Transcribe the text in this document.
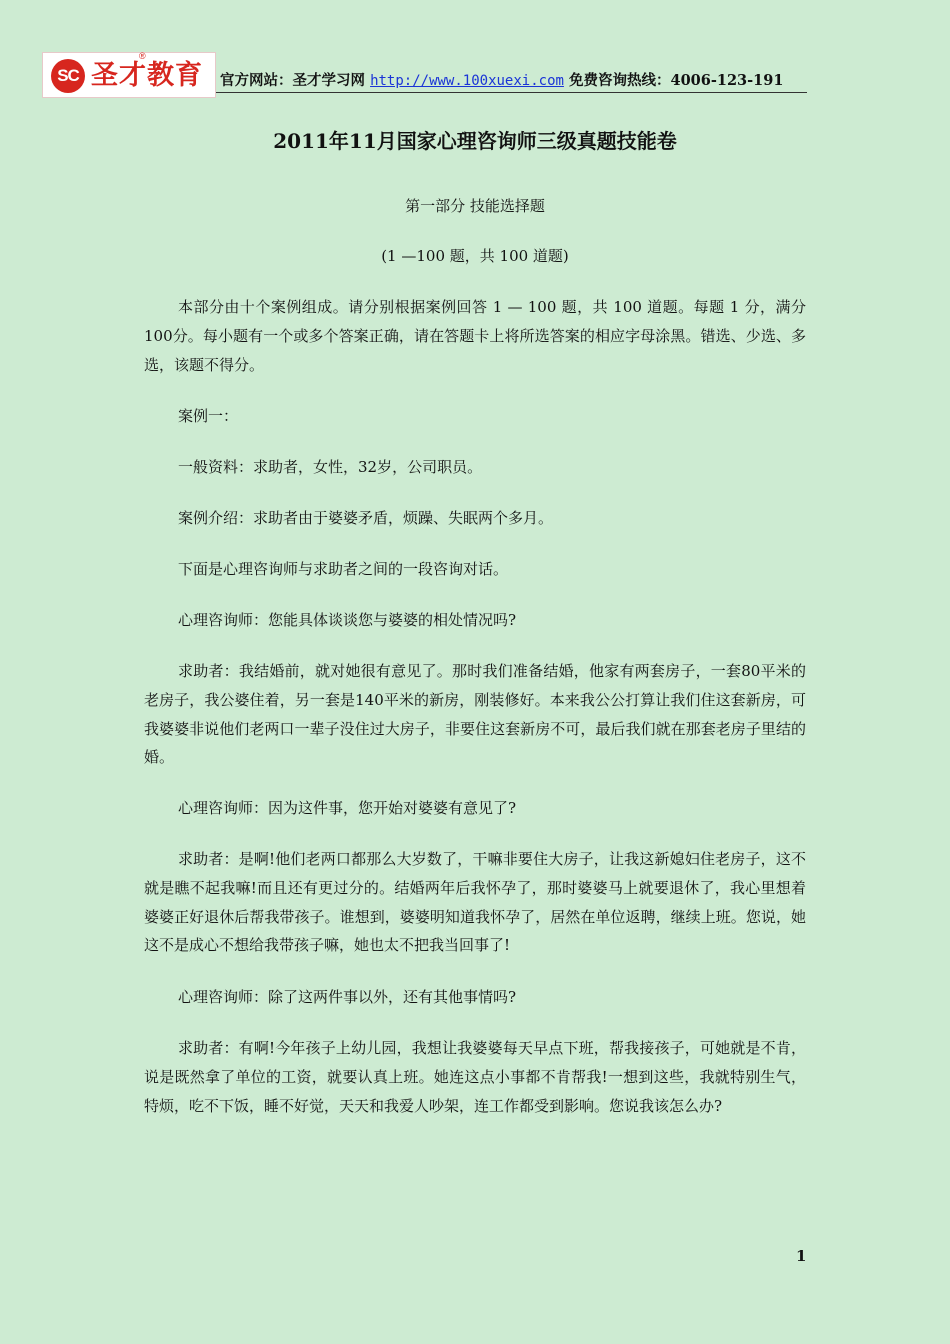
SC 圣才教育
®
官方网站：圣才学习网 http://www.100xuexi.com 免费咨询热线：4006-123-191
2011年11月国家心理咨询师三级真题技能卷
第一部分 技能选择题
(1 —100 题，共 100 道题)

本部分由十个案例组成。请分别根据案例回答 1 — 100 题，共 100 道题。每题 1 分，满分 100分。每小题有一个或多个答案正确，请在答题卡上将所选答案的相应字母涂黑。错选、少选、多选，该题不得分。

案例一：

一般资料：求助者，女性，32岁，公司职员。

案例介绍：求助者由于婆婆矛盾，烦躁、失眠两个多月。

下面是心理咨询师与求助者之间的一段咨询对话。

心理咨询师：您能具体谈谈您与婆婆的相处情况吗?

求助者：我结婚前，就对她很有意见了。那时我们准备结婚，他家有两套房子，一套80平米的老房子，我公婆住着，另一套是140平米的新房，刚装修好。本来我公公打算让我们住这套新房，可我婆婆非说他们老两口一辈子没住过大房子，非要住这套新房不可，最后我们就在那套老房子里结的婚。

心理咨询师：因为这件事，您开始对婆婆有意见了?

求助者：是啊!他们老两口都那么大岁数了，干嘛非要住大房子，让我这新媳妇住老房子，这不就是瞧不起我嘛!而且还有更过分的。结婚两年后我怀孕了，那时婆婆马上就要退休了，我心里想着婆婆正好退休后帮我带孩子。谁想到，婆婆明知道我怀孕了，居然在单位返聘，继续上班。您说，她这不是成心不想给我带孩子嘛，她也太不把我当回事了!

心理咨询师：除了这两件事以外，还有其他事情吗?

求助者：有啊!今年孩子上幼儿园，我想让我婆婆每天早点下班，帮我接孩子，可她就是不肯，说是既然拿了单位的工资，就要认真上班。她连这点小事都不肯帮我!一想到这些，我就特别生气，特烦，吃不下饭，睡不好觉，天天和我爱人吵架，连工作都受到影响。您说我该怎么办?

1
